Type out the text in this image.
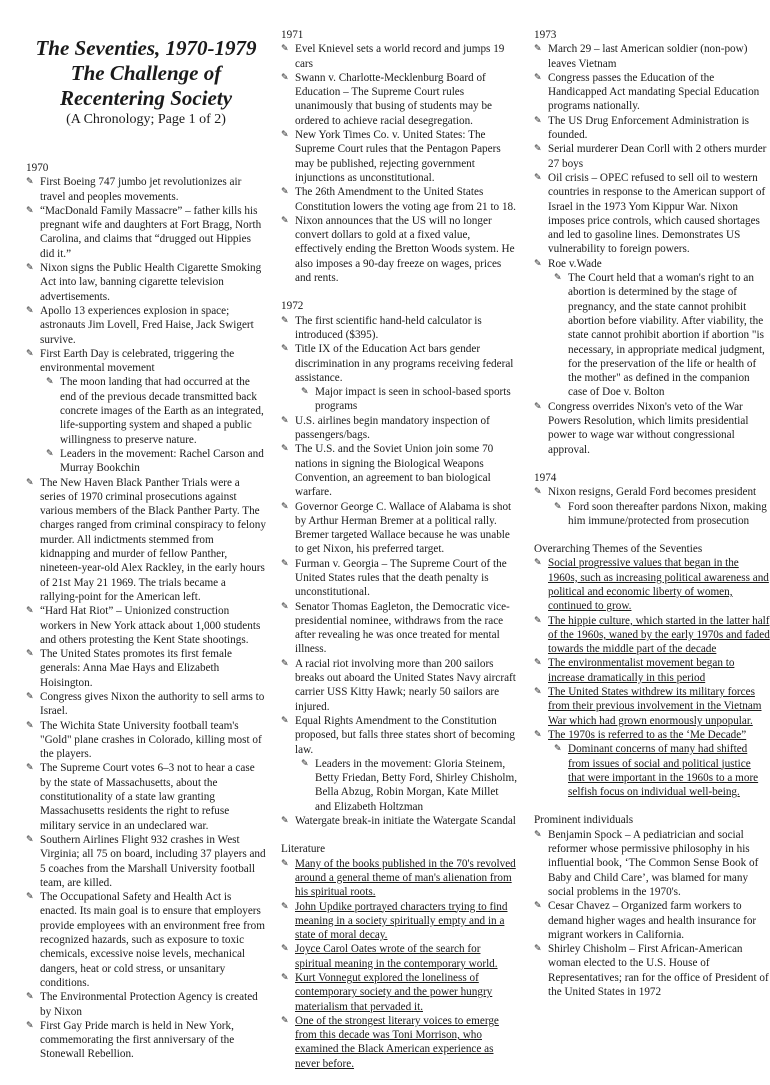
The Seventies, 1970-1979
The Challenge of Recentering Society
(A Chronology; Page 1 of 2)
1970
✎ First Boeing 747 jumbo jet revolutionizes air travel and peoples movements.
✎ “MacDonald Family Massacre” – father kills his pregnant wife and daughters at Fort Bragg, North Carolina, and claims that “drugged out Hippies did it.”
✎ Nixon signs the Public Health Cigarette Smoking Act into law, banning cigarette television advertisements.
✎ Apollo 13 experiences explosion in space; astronauts Jim Lovell, Fred Haise, Jack Swigert survive.
✎ First Earth Day is celebrated, triggering the environmental movement
✎ The moon landing that had occurred at the end of the previous decade transmitted back concrete images of the Earth as an integrated, life-supporting system and shaped a public willingness to preserve nature.
✎ Leaders in the movement: Rachel Carson and Murray Bookchin
✎ The New Haven Black Panther Trials were a series of 1970 criminal prosecutions against various members of the Black Panther Party. The charges ranged from criminal conspiracy to felony murder. All indictments stemmed from kidnapping and murder of fellow Panther, nineteen-year-old Alex Rackley, in the early hours of 21st May 21 1969. The trials became a rallying-point for the American left.
✎ “Hard Hat Riot” – Unionized construction workers in New York attack about 1,000 students and others protesting the Kent State shootings.
✎ The United States promotes its first female generals: Anna Mae Hays and Elizabeth Hoisington.
✎ Congress gives Nixon the authority to sell arms to Israel.
✎ The Wichita State University football team's "Gold" plane crashes in Colorado, killing most of the players.
✎ The Supreme Court votes 6–3 not to hear a case by the state of Massachusetts, about the constitutionality of a state law granting Massachusetts residents the right to refuse military service in an undeclared war.
✎ Southern Airlines Flight 932 crashes in West Virginia; all 75 on board, including 37 players and 5 coaches from the Marshall University football team, are killed.
✎ The Occupational Safety and Health Act is enacted. Its main goal is to ensure that employers provide employees with an environment free from recognized hazards, such as exposure to toxic chemicals, excessive noise levels, mechanical dangers, heat or cold stress, or unsanitary conditions.
✎ The Environmental Protection Agency is created by Nixon
✎ First Gay Pride march is held in New York, commemorating the first anniversary of the Stonewall Rebellion.
1971
✎ Evel Knievel sets a world record and jumps 19 cars
✎ Swann v. Charlotte-Mecklenburg Board of Education – The Supreme Court rules unanimously that busing of students may be ordered to achieve racial desegregation.
✎ New York Times Co. v. United States: The Supreme Court rules that the Pentagon Papers may be published, rejecting government injunctions as unconstitutional.
✎ The 26th Amendment to the United States Constitution lowers the voting age from 21 to 18.
✎ Nixon announces that the US will no longer convert dollars to gold at a fixed value, effectively ending the Bretton Woods system. He also imposes a 90-day freeze on wages, prices and rents.
1972
✎ The first scientific hand-held calculator is introduced ($395).
✎ Title IX of the Education Act bars gender discrimination in any programs receiving federal assistance.
✎ Major impact is seen in school-based sports programs
✎ U.S. airlines begin mandatory inspection of passengers/bags.
✎ The U.S. and the Soviet Union join some 70 nations in signing the Biological Weapons Convention, an agreement to ban biological warfare.
✎ Governor George C. Wallace of Alabama is shot by Arthur Herman Bremer at a political rally. Bremer targeted Wallace because he was unable to get Nixon, his preferred target.
✎ Furman v. Georgia – The Supreme Court of the United States rules that the death penalty is unconstitutional.
✎ Senator Thomas Eagleton, the Democratic vice-presidential nominee, withdraws from the race after revealing he was once treated for mental illness.
✎ A racial riot involving more than 200 sailors breaks out aboard the United States Navy aircraft carrier USS Kitty Hawk; nearly 50 sailors are injured.
✎ Equal Rights Amendment to the Constitution proposed, but falls three states short of becoming law.
✎ Leaders in the movement: Gloria Steinem, Betty Friedan, Betty Ford, Shirley Chisholm, Bella Abzug, Robin Morgan, Kate Millet and Elizabeth Holtzman
✎ Watergate break-in initiate the Watergate Scandal
Literature
✎ Many of the books published in the 70's revolved around a general theme of man's alienation from his spiritual roots.
✎ John Updike portrayed characters trying to find meaning in a society spiritually empty and in a state of moral decay.
✎ Joyce Carol Oates wrote of the search for spiritual meaning in the contemporary world.
✎ Kurt Vonnegut explored the loneliness of contemporary society and the power hungry materialism that pervaded it.
✎ One of the strongest literary voices to emerge from this decade was Toni Morrison, who examined the Black American experience as never before.
1973
✎ March 29 – last American soldier (non-pow) leaves Vietnam
✎ Congress passes the Education of the Handicapped Act mandating Special Education programs nationally.
✎ The US Drug Enforcement Administration is founded.
✎ Serial murderer Dean Corll with 2 others murder 27 boys
✎ Oil crisis – OPEC refused to sell oil to western countries in response to the American support of Israel in the 1973 Yom Kippur War. Nixon imposes price controls, which caused shortages and led to gasoline lines. Demonstrates US vulnerability to foreign powers.
✎ Roe v.Wade
✎ The Court held that a woman's right to an abortion is determined by the stage of pregnancy, and the state cannot prohibit abortion before viability. After viability, the state cannot prohibit abortion if abortion "is necessary, in appropriate medical judgment, for the preservation of the life or health of the mother" as defined in the companion case of Doe v. Bolton
✎ Congress overrides Nixon's veto of the War Powers Resolution, which limits presidential power to wage war without congressional approval.
1974
✎ Nixon resigns, Gerald Ford becomes president
✎ Ford soon thereafter pardons Nixon, making him immune/protected from prosecution
Overarching Themes of the Seventies
✎ Social progressive values that began in the 1960s, such as increasing political awareness and political and economic liberty of women, continued to grow.
✎ The hippie culture, which started in the latter half of the 1960s, waned by the early 1970s and faded towards the middle part of the decade
✎ The environmentalist movement began to increase dramatically in this period
✎ The United States withdrew its military forces from their previous involvement in the Vietnam War which had grown enormously unpopular.
✎ The 1970s is referred to as the ‘Me Decade”
✎ Dominant concerns of many had shifted from issues of social and political justice that were important in the 1960s to a more selfish focus on individual well-being.
Prominent individuals
✎ Benjamin Spock – A pediatrician and social reformer whose permissive philosophy in his influential book, ‘The Common Sense Book of Baby and Child Care’, was blamed for many social problems in the 1970's.
✎ Cesar Chavez – Organized farm workers to demand higher wages and health insurance for migrant workers in California.
✎ Shirley Chisholm – First African-American woman elected to the U.S. House of Representatives; ran for the office of President of the United States in 1972
